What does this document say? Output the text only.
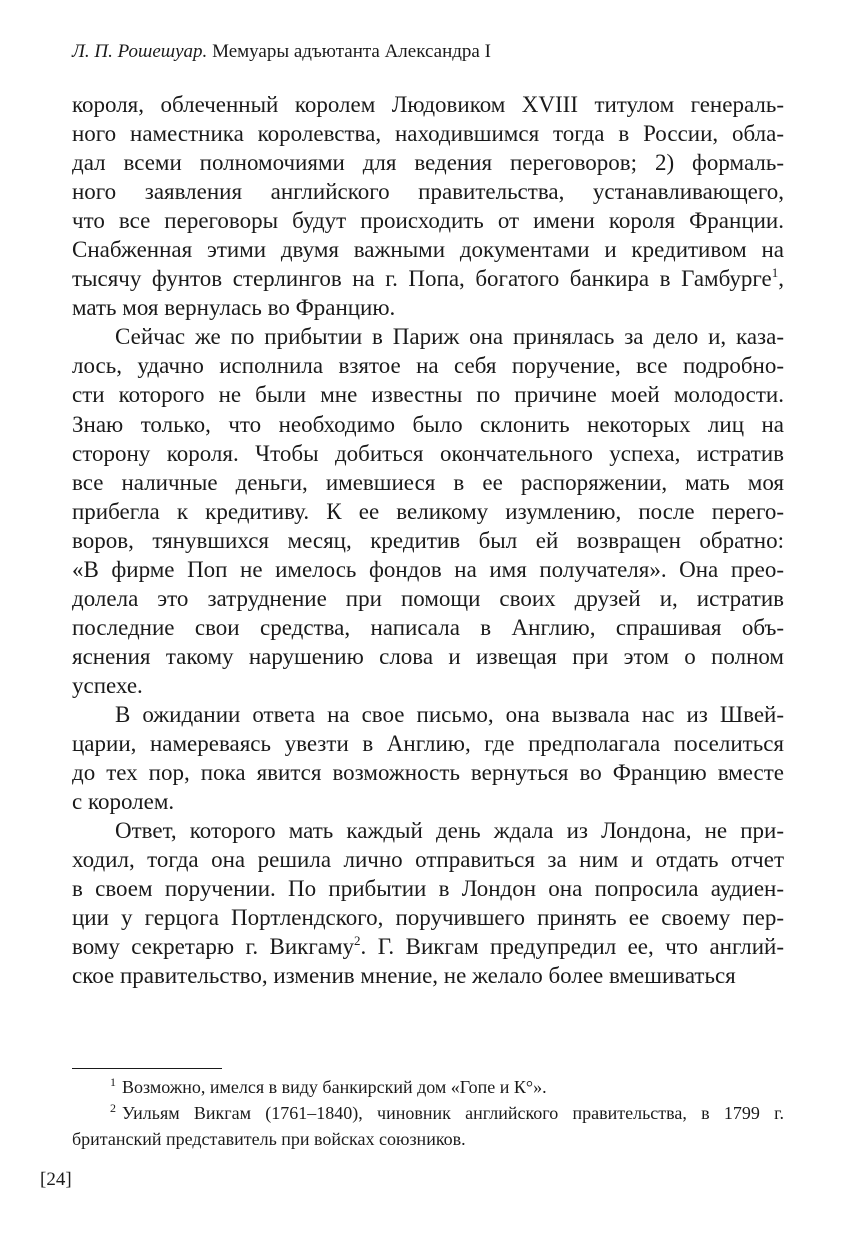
Л. П. Рошешуар. Мемуары адъютанта Александра I
короля, облеченный королем Людовиком XVIII титулом генераль-
ного наместника королевства, находившимся тогда в России, обла-
дал всеми полномочиями для ведения переговоров; 2) формаль-
ного заявления английского правительства, устанавливающего,
что все переговоры будут происходить от имени короля Франции.
Снабженная этими двумя важными документами и кредитивом на
тысячу фунтов стерлингов на г. Попа, богатого банкира в Гамбурге$^1$,
мать моя вернулась во Францию.
Сейчас же по прибытии в Париж она принялась за дело и, каза-
лось, удачно исполнила взятое на себя поручение, все подробно-
сти которого не были мне известны по причине моей молодости.
Знаю только, что необходимо было склонить некоторых лиц на
сторону короля. Чтобы добиться окончательного успеха, истратив
все наличные деньги, имевшиеся в ее распоряжении, мать моя
прибегла к кредитиву. К ее великому изумлению, после перего-
воров, тянувшихся месяц, кредитив был ей возвращен обратно:
«В фирме Поп не имелось фондов на имя получателя». Она прео-
долела это затруднение при помощи своих друзей и, истратив
последние свои средства, написала в Англию, спрашивая объ-
яснения такому нарушению слова и извещая при этом о полном
успехе.
В ожидании ответа на свое письмо, она вызвала нас из Швей-
царии, намереваясь увезти в Англию, где предполагала поселиться
до тех пор, пока явится возможность вернуться во Францию вместе
с королем.
Ответ, которого мать каждый день ждала из Лондона, не при-
ходил, тогда она решила лично отправиться за ним и отдать отчет
в своем поручении. По прибытии в Лондон она попросила аудиен-
ции у герцога Портлендского, поручившего принять ее своему пер-
вому секретарю г. Викгаму$^2$. Г. Викгам предупредил ее, что англий-
ское правительство, изменив мнение, не желало более вмешиваться
$^1$ Возможно, имелся в виду банкирский дом «Гопе и К°».
$^2$ Уильям Викгам (1761–1840), чиновник английского правительства, в 1799 г.
британский представитель при войсках союзников.
[24]
